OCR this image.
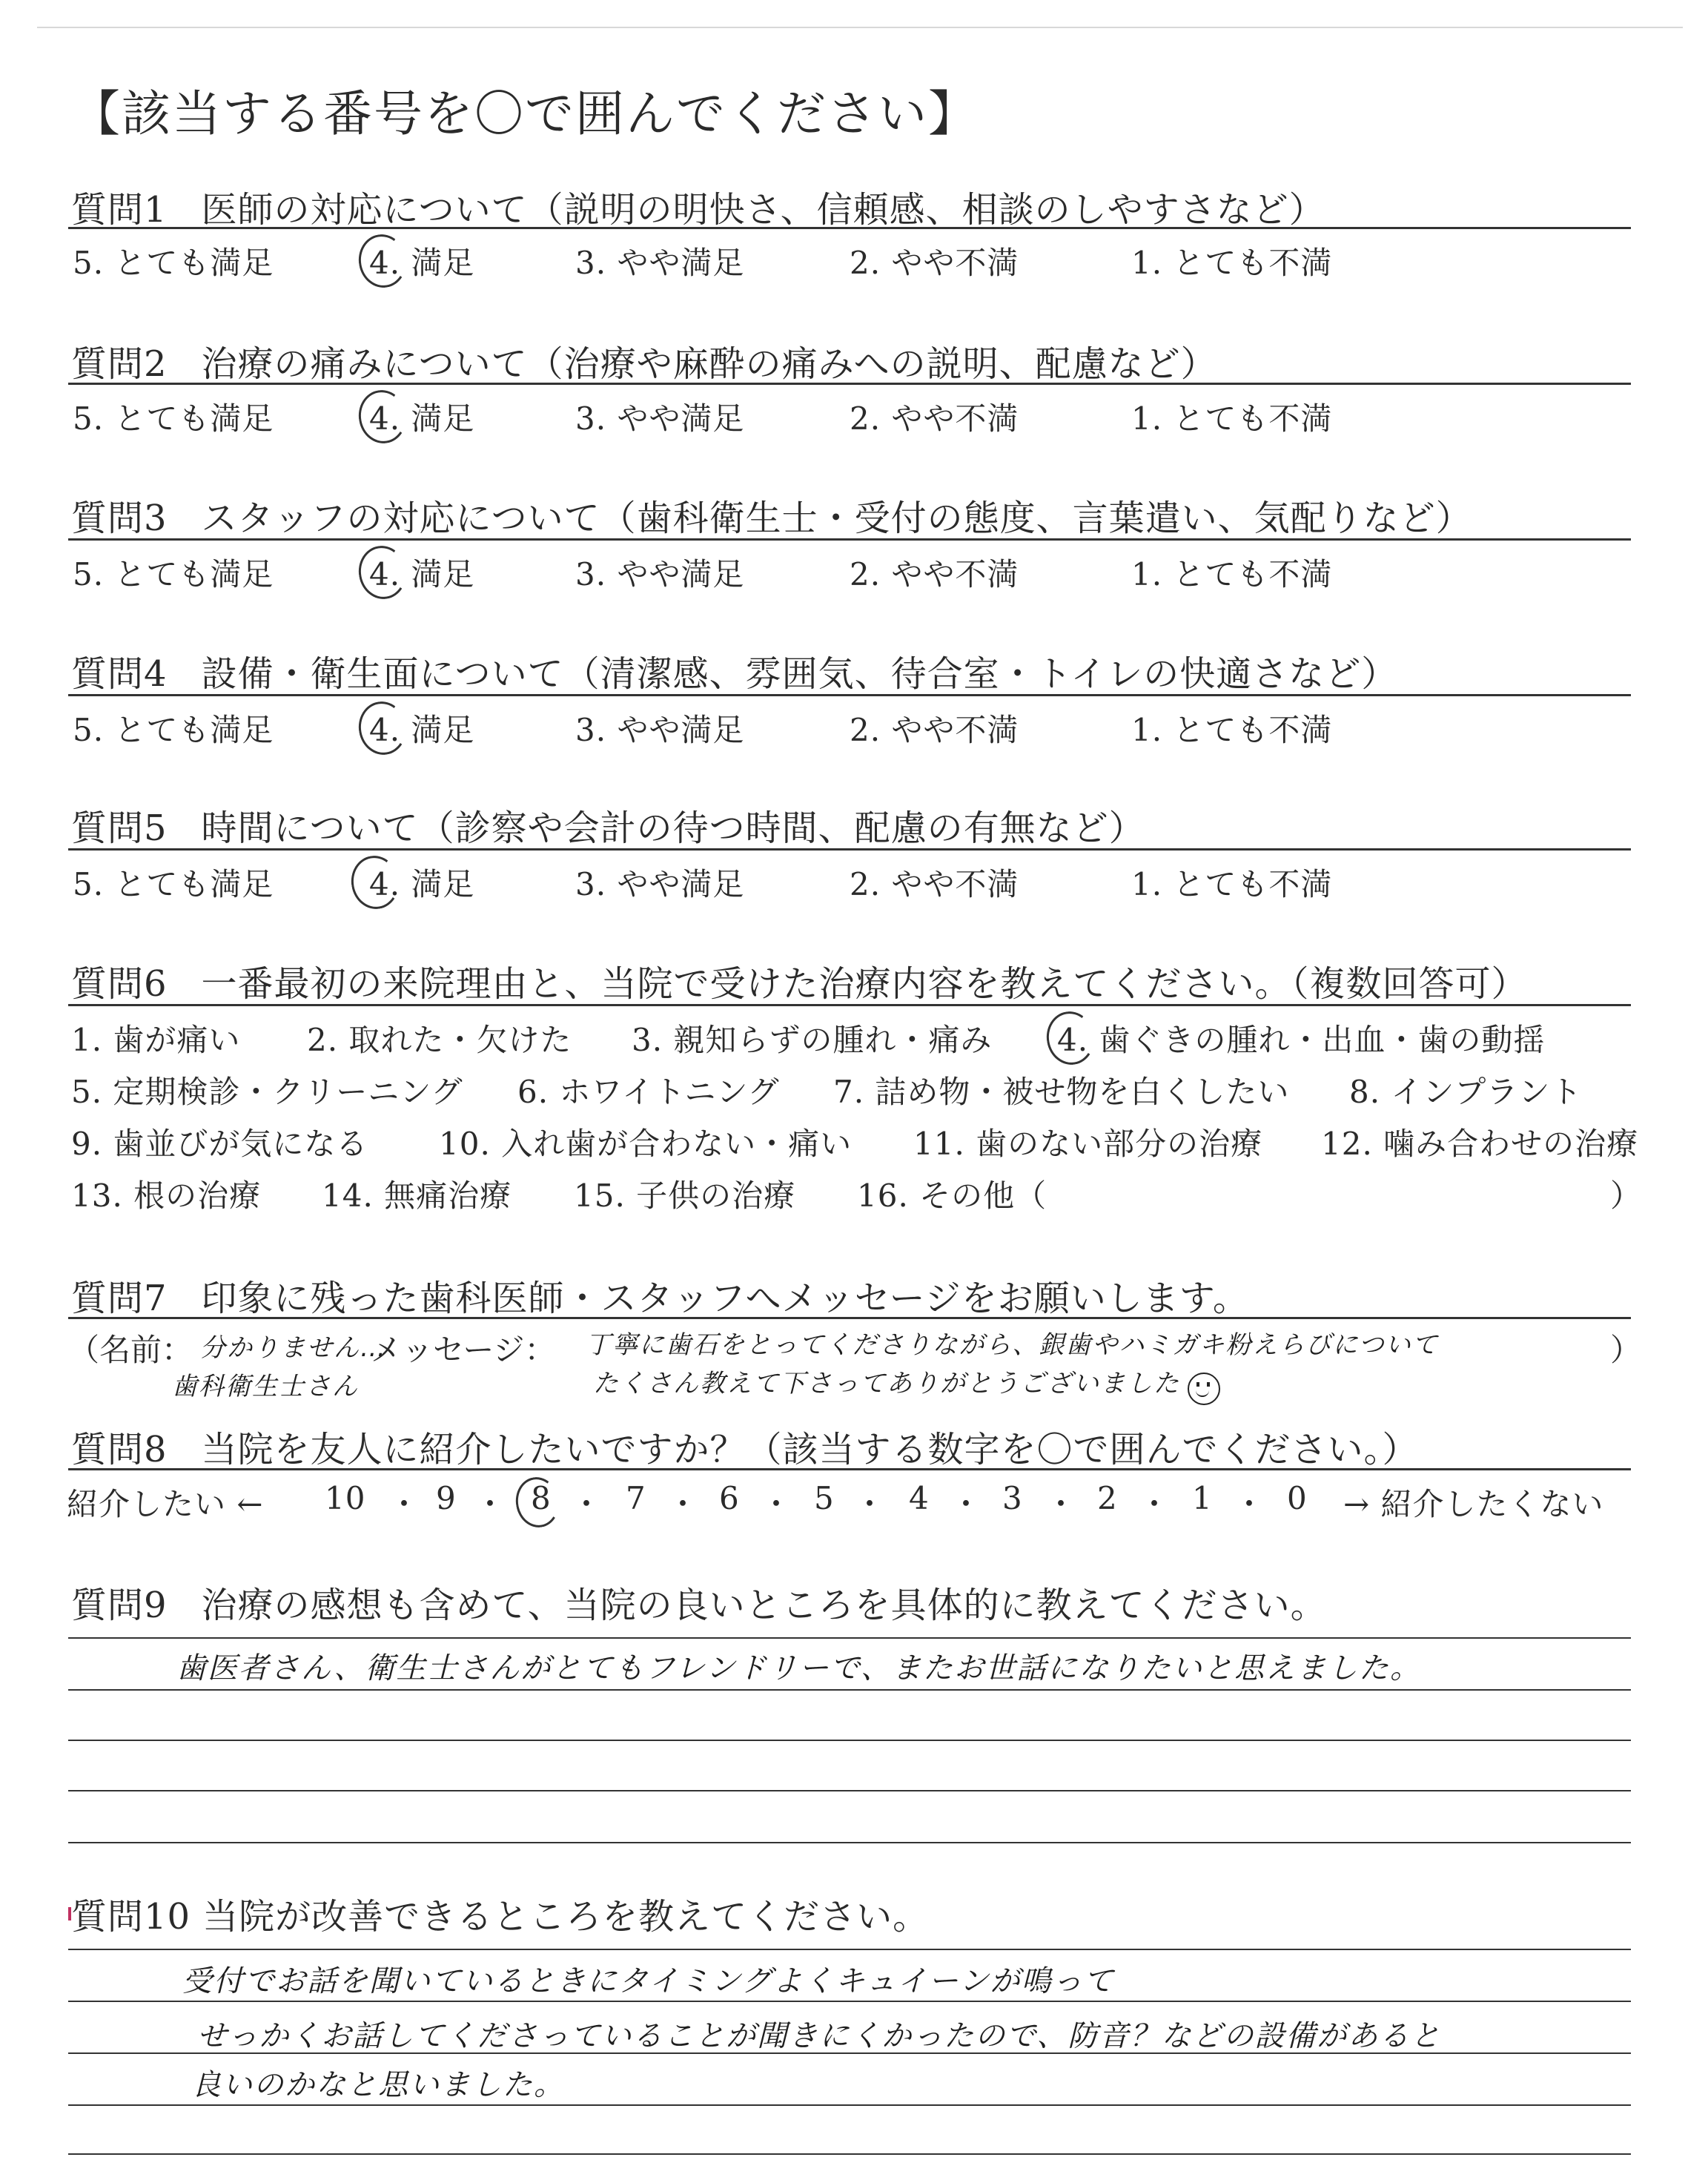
【該当する番号を〇で囲んでください】
質問1 医師の対応について（説明の明快さ、信頼感、相談のしやすさなど）
5. とても満足	4. 満足	3. やや満足	2. やや不満	1. とても不満
質問2 治療の痛みについて（治療や麻酔の痛みへの説明、配慮など）
5. とても満足	4. 満足	3. やや満足	2. やや不満	1. とても不満
質問3 スタッフの対応について（歯科衛生士・受付の態度、言葉遣い、気配りなど）
5. とても満足	4. 満足	3. やや満足	2. やや不満	1. とても不満
質問4 設備・衛生面について（清潔感、雰囲気、待合室・トイレの快適さなど）
5. とても満足	4. 満足	3. やや満足	2. やや不満	1. とても不満
質問5 時間について（診察や会計の待つ時間、配慮の有無など）
5. とても満足	4. 満足	3. やや満足	2. やや不満	1. とても不満
質問6 一番最初の来院理由と、当院で受けた治療内容を教えてください。（複数回答可）
1. 歯が痛い 2. 取れた・欠けた 3. 親知らずの腫れ・痛み 4. 歯ぐきの腫れ・出血・歯の動揺
5. 定期検診・クリーニング 6. ホワイトニング 7. 詰め物・被せ物を白くしたい 8. インプラント
9. 歯並びが気になる 10. 入れ歯が合わない・痛い 11. 歯のない部分の治療 12. 噛み合わせの治療
13. 根の治療 14. 無痛治療 15. 子供の治療 16. その他（	）
質問7 印象に残った歯科医師・スタッフへメッセージをお願いします。
（名前： 分かりません…
歯科衛生士さん
メッセージ： 丁寧に歯石をとってくださりながら、銀歯やハミガキ粉えらびについて	）
たくさん教えて下さってありがとうございました
質問8 当院を友人に紹介したいですか？（該当する数字を〇で囲んでください。）
紹介したい ←	→ 紹介したくない
10 ・ 9 ・ 8 ・ 7 ・ 6 ・ 5 ・ 4 ・ 3 ・ 2 ・ 1 ・ 0
質問9 治療の感想も含めて、当院の良いところを具体的に教えてください。
歯医者さん、衛生士さんがとてもフレンドリーで、またお世話になりたいと思えました。
質問10 当院が改善できるところを教えてください。
受付でお話を聞いているときにタイミングよくキュイーンが鳴って
せっかくお話してくださっていることが聞きにくかったので、防音？などの設備があると
良いのかなと思いました。
